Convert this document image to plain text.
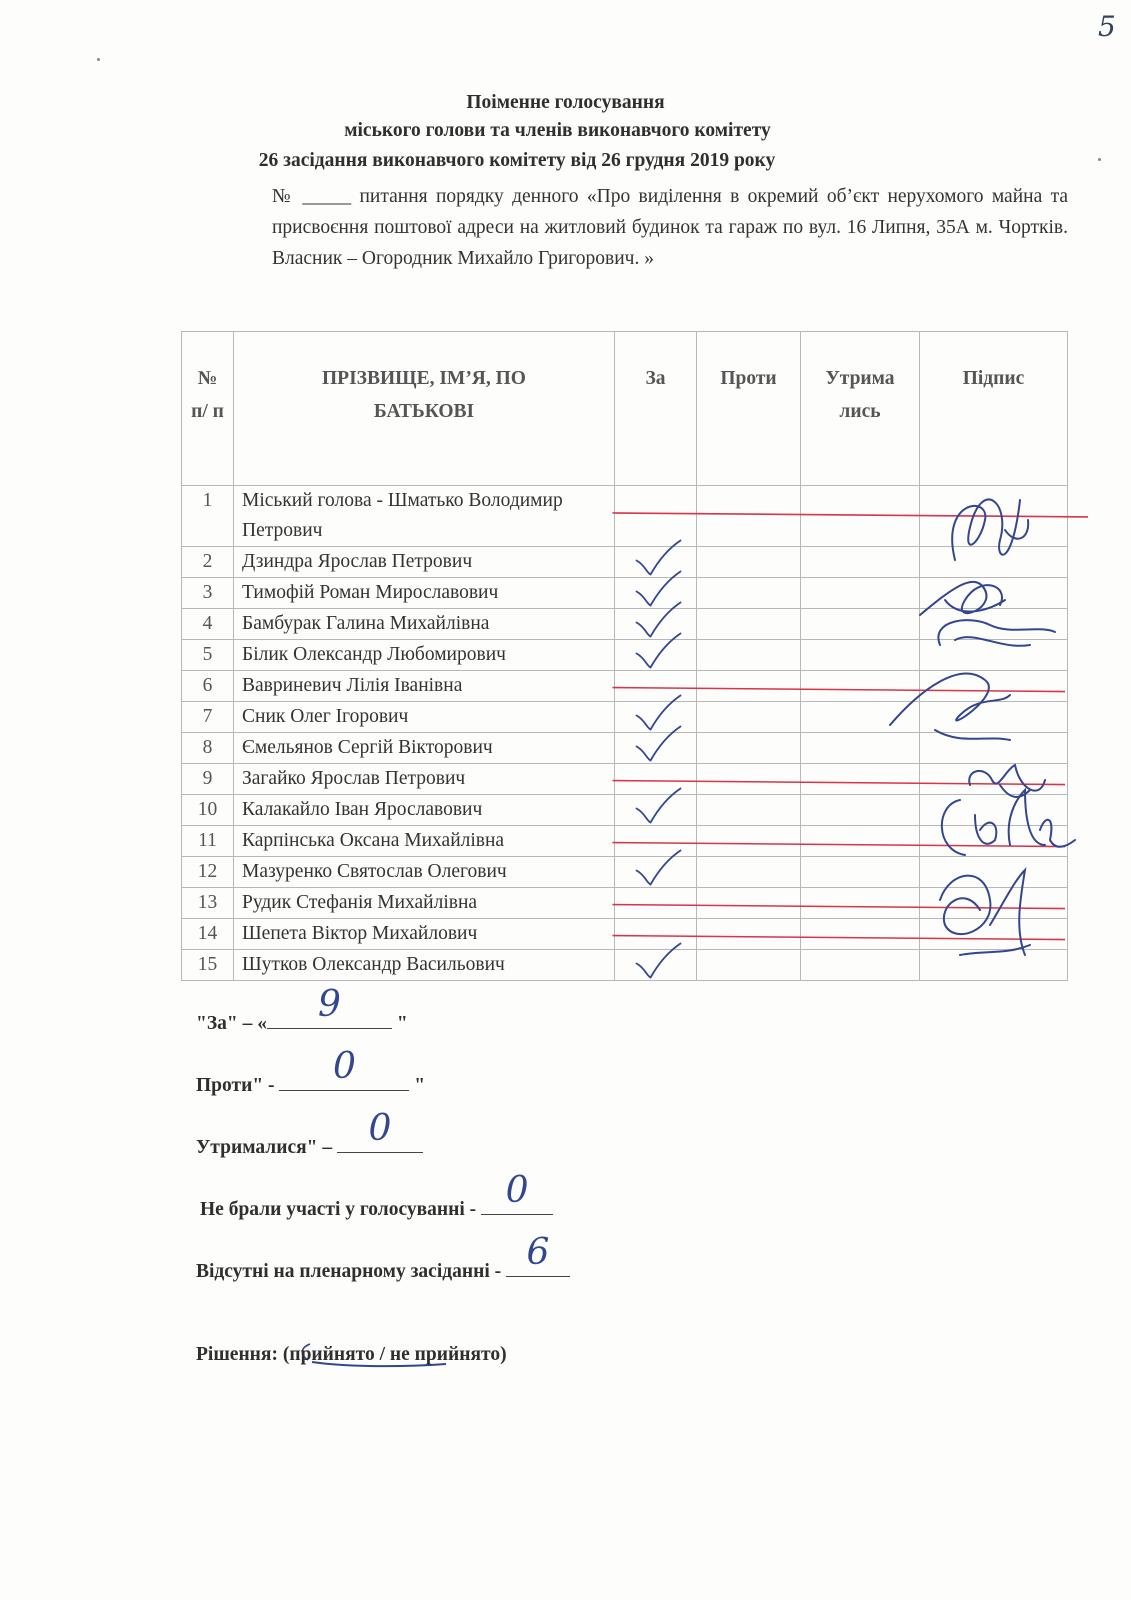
5
Поіменне голосування
міського голови та членів виконавчого комітету
26 засідання виконавчого комітету від 26 грудня 2019 року
№ _____ питання порядку денного «Про виділення в окремий об’єкт нерухомого майна та присвоєння поштової адреси на житловий будинок та гараж по вул. 16 Липня, 35А м. Чортків. Власник – Огородник Михайло Григорович. »
№ п/ п	ПРІЗВИЩЕ, ІМ’Я, ПО БАТЬКОВІ	За	Проти	Утрима лись	Підпис
1	Міський голова - Шматько Володимир Петрович				
2	Дзиндра Ярослав Петрович				
3	Тимофій Роман Мирославович				
4	Бамбурак Галина Михайлівна				
5	Білик Олександр Любомирович				
6	Вавриневич Лілія Іванівна				
7	Сник Олег Ігорович				
8	Ємельянов Сергій Вікторович				
9	Загайко Ярослав Петрович				
10	Калакайло Іван Ярославович				
11	Карпінська Оксана Михайлівна				
12	Мазуренко Святослав Олегович				
13	Рудик Стефанія Михайлівна				
14	Шепета Віктор Михайлович				
15	Шутков Олександр Васильович				
"За" – «	9	"
Проти" -	0	"
Утрималися" –	0
Не брали участі у голосуванні - 0
Відсутні на пленарному засіданні - 6
Рішення: (прийнято / не прийнято)
